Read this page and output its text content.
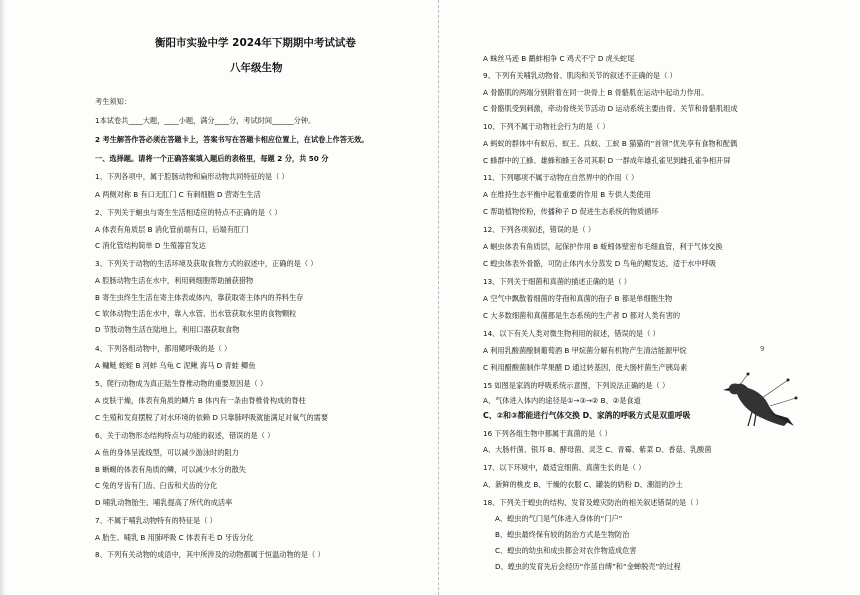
衡阳市实验中学 2024年下期期中考试试卷
八年级生物
考生须知：
1本试卷共____大题，____小题，满分____分，考试时间______分钟。
2 考生解答作答必须在答题卡上，答案书写在答题卡相应位置上，在试卷上作答无效。
一、选择题。请将一个正确答案填入题后的表格里，每题 2 分，共 50 分
1、下列各项中，属于腔肠动物和扁形动物共同特征的是（ ）
A 两侧对称 B 有口无肛门 C 有刺细胞 D 营寄生生活
2、下列关于蛔虫与寄生生活相适应的特点不正确的是（ ）
A 体表有角质层 B 消化管前端有口，后端有肛门
C 消化管结构简单 D 生殖器官发达
3、下列关于动物的生活环境及获取食物方式的叙述中，正确的是（ ）
A 腔肠动物生活在水中，利用刺细胞帮助捕获猎物
B 寄生虫终生生活在寄主体表或体内，靠获取寄主体内的养料生存
C 软体动物生活在水中，靠入水管、出水管获取水里的食物颗粒
D 节肢动物生活在陆地上，利用口器获取食物
4、下列各组动物中，都用鳃呼吸的是（ ）
A 鳙鲢 蛭蛭 B 河蚌 乌龟 C 泥鳅 海马 D 青蛙 鲫鱼
5、爬行动物成为真正陆生脊椎动物的重要原因是（ ）
A 皮肤干燥，体表有角质的鳞片 B 体内有一条由脊椎骨构成的脊柱
C 生殖和发育摆脱了对水环境的依赖 D 只靠肺呼吸就能满足对氧气的需要
6、关于动物形态结构特点与功能的叙述，错误的是（ ）
A 鱼的身体呈流线型，可以减少游泳时的阻力
B 蜥蜴的体表有角质的鳞，可以减少水分的散失
C 兔的牙齿有门齿、臼齿和犬齿的分化
D 哺乳动物胎生、哺乳提高了所代的成活率
7、不属于哺乳动物特有的特征是（ ）
A 胎生、哺乳 B 用肺呼吸 C 体表有毛 D 牙齿分化
8、下列有关动物的成语中，其中所涉及的动物都属于恒温动物的是（ ）
A 蛛丝马迹 B 鹬蚌相争 C 鸡犬不宁 D 虎头蛇尾
9、下列有关哺乳动物骨、肌肉和关节的叙述不正确的是（ ）
A 骨骼肌的两端分别附着在同一块骨上 B 骨骼肌在运动中起动力作用。
C 骨骼肌受到刺激，牵动骨绕关节活动 D 运动系统主要由骨、关节和骨骼肌组成
10、下列不属于动物社会行为的是（ ）
A 蚂蚁的群体中有蚁后、蚁王、兵蚁、工蚁 B 猫猫的“首领”优先享有食物和配偶
C 蜂群中的工蜂、雄蜂和蜂王各司其职 D 一群成年雄孔雀见到雌孔雀争相开屏
11、下列哪项不属于动物在自然界中的作用（ ）
A 在维持生态平衡中起着重要的作用 B 专供人类使用
C 帮助植物传粉，传播种子 D 促进生态系统的物质循环
12、下列各项叙述，错误的是（ ）
A 蛔虫体表有角质层，起保护作用 B 蚯蚓体壁密布毛细血管，利于气体交换
C 蝗虫体表外骨骼，可防止体内水分蒸发 D 鸟龟的鳃发达，适于水中呼吸
13、下列关于细菌和真菌的描述正确的是（ ）
A 空气中飘散着细菌的芽孢和真菌的孢子 B 都是单细胞生物
C 大多数细菌和真菌都是生态系统的生产者 D 都对人类有害的
14、以下有关人类对微生物利用的叙述，错误的是（ ）
A 利用乳酸菌酿制葡萄酒 B 甲烷菌分解有机物产生清洁能源甲烷
C 利用醋酸菌制作苹果醋 D 通过转基因，使大肠杆菌生产胰岛素
15 如图是家鸽的呼吸系统示意图，下列说法正确的是（ ）
A、气体进入体内的途径是①→③→② B、②是食道
C、②和③都能进行气体交换 D、家鸽的呼吸方式是双重呼吸
16 下列各组生物中都属于真菌的是（ ）
A、大肠杆菌、银耳 B、酵母菌、灵芝 C、青霉、紫菜 D、香菇、乳酸菌
17、以下环境中，最适宜细菌、真菌生长的是（ ）
A、新鲜的桃皮 B、干燥的衣服 C、罐装的奶粉 D、潮湿的沙土
18、下列关于蝗虫的结构、发育及蝗灾防治的相关叙述错误的是（ ）
A、蝗虫的气门是气体进入身体的“门户”
B、蝗虫最终保有较的防治方式是生物防治
C、蝗虫的幼虫和成虫都会对农作物造成危害
D、蝗虫的发育先后会经历“作茧自缚”和“金蝉脱壳”的过程
9
